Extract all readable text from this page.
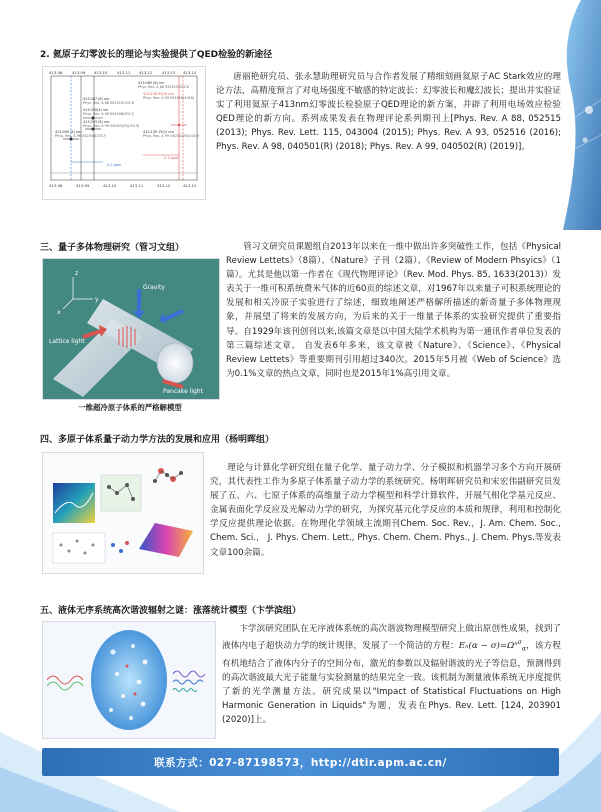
2. 氦原子幻零波长的理论与实验提供了QED检验的新途径
413.08	413.09 413.10	413.11 413.12	413.13 413.14
413.08	413.09	413.10	413.11	413.12	413.13
413.080 (8) nm
Phys. Rev. A 88 052515(2013)
413.087 (8) nm
Phys. Rev. A 88 052515(2013)
413.090(4) nm
Phys. Rev. A 96 042508(2017)
413.090 (4) nm
Phys. Rev. A 96 042508(2017)
413.093 (8) nm
Phys. Rev. A 99 040502(R)(2019)
413.138 93(9) nm
Phys. Rev. A 99 052516(2016)
413.139 19(2) nm
Phys. Rev. A 99 040502(R)(2019)
-0.2 ppm
-2.3 ppm
唐丽艳研究员、张永慧助理研究员与合作者发展了精细刻画氦原子AC Stark效应的理论方法，高精度预言了对电场强度不敏感的特定波长：幻零波长和魔幻波长；提出并实验证实了利用氦原子413nm幻零波长检验原子QED理论的新方案，并辟了利用电场效应检验QED理论的新方向。系列成果发表在物理评论系列期刊上[Phys. Rev. A 88, 052515 (2013); Phys. Rev. Lett. 115, 043004 (2015); Phys. Rev. A 93, 052516 (2016); Phys. Rev. A 98, 040501(R) (2018); Phys. Rev. A 99, 040502(R) (2019)]。
三、量子多体物理研究（管习文组）
z
y
x
Gravity
Lattice light
Pancake light
一维超冷原子体系的严格解模型
管习文研究员课题组自2013年以来在一维中做出许多突破性工作，包括《Physical Review Lettets》（8篇）、《Nature》子刊（2篇）、《Review of Modern Phsyics》（1篇）。尤其是他以第一作者在《现代物理评论》（Rev. Mod. Phys. 85, 1633(2013)）发表关于一维可积系统费米气体的近60页的综述文章，对1967年以来量子可积系统理论的发展和相关冷原子实验进行了综述，细致地阐述严格解所描述的新奇量子多体物理现象，并展望了将来的发展方向，为后来的关于一维量子体系的实验研究提供了重要指导。自1929年该刊创刊以来,该篇文章是以中国大陆学术机构为第一通讯作者单位发表的第三篇综述文章。 自发表6年多来，该文章被《Nature》、《Science》、《Physical Review Lettets》等重要期刊引用超过340次。2015年5月被《Web of Science》选为0.1%文章的热点文章，同时也是2015年1%高引用文章。
四、多原子体系量子动力学方法的发展和应用（杨明晖组）
理论与计算化学研究组在量子化学、量子动力学、分子模拟和机器学习多个方向开展研究，其代表性工作为多原子体系量子动力学的系统研究。杨明晖研究员和宋宏伟副研究员发展了五、六、七原子体系的高维量子动力学模型和科学计算软件，开展气相化学基元反应、金属表面化学反应及光解动力学的研究，为探究基元化学反应的本质和规律，利用和控制化学反应提供理论依据。在物理化学领域主流期刊Chem. Soc. Rev.，J. Am. Chem. Soc., Chem. Sci.， J. Phys. Chem. Lett., Phys. Chem. Chem. Phys., J. Chem. Phys.等发表文章100余篇。
五、液体无序系统高次谐波辐射之谜：涨落统计模型（卞学滨组）
卞学滨研究团队在无序液体系统的高次谐波物理模型研究上做出原创性成果，找到了液体内电子超快动力学的统计规律，发展了一个简洁的方程：Eₙ(α − σ)=Ωⁿ$^\sigma_\alpha$，该方程有机地结合了液体内分子的空间分布，激光的参数以及辐射谐波的光子等信息，预测得到的高次谐波最大光子能量与实验测量的结果完全一致。该机制为测量液体系统无序度提供了新的光学测量方法。研究成果以"Impact of Statistical Fluctuations on High Harmonic Generation in Liquids"为题，发表在Phys. Rev. Lett. [124, 203901 (2020)]上。
联系方式：027-87198573，http://dtir.apm.ac.cn/
